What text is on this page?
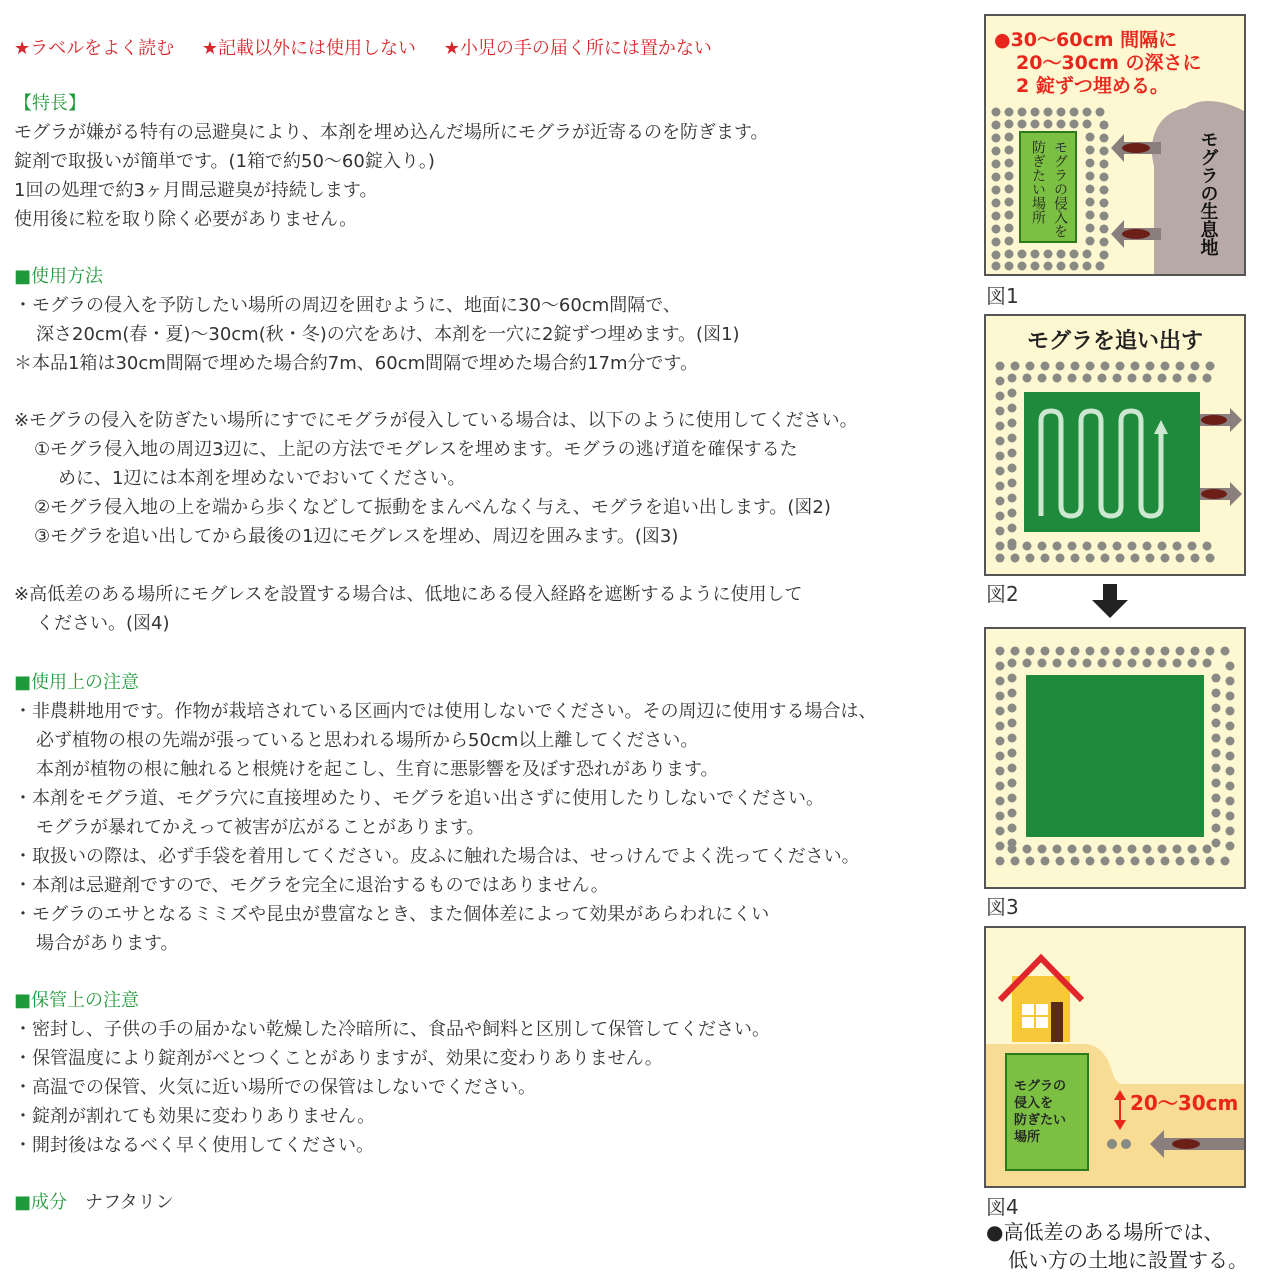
★ラベルをよく読む ★記載以外には使用しない ★小児の手の届く所には置かない
【特長】
モグラが嫌がる特有の忌避臭により、本剤を埋め込んだ場所にモグラが近寄るのを防ぎます。
錠剤で取扱いが簡単です。(1箱で約50～60錠入り。)
1回の処理で約3ヶ月間忌避臭が持続します。
使用後に粒を取り除く必要がありません。
■使用方法
・モグラの侵入を予防したい場所の周辺を囲むように、地面に30～60cm間隔で、
深さ20cm(春・夏)～30cm(秋・冬)の穴をあけ、本剤を一穴に2錠ずつ埋めます。(図1)
＊本品1箱は30cm間隔で埋めた場合約7m、60cm間隔で埋めた場合約17m分です。
※モグラの侵入を防ぎたい場所にすでにモグラが侵入している場合は、以下のように使用してください。
①モグラ侵入地の周辺3辺に、上記の方法でモグレスを埋めます。モグラの逃げ道を確保するた
めに、1辺には本剤を埋めないでおいてください。
②モグラ侵入地の上を端から歩くなどして振動をまんべんなく与え、モグラを追い出します。(図2)
③モグラを追い出してから最後の1辺にモグレスを埋め、周辺を囲みます。(図3)
※高低差のある場所にモグレスを設置する場合は、低地にある侵入経路を遮断するように使用して
ください。(図4)
■使用上の注意
・非農耕地用です。作物が栽培されている区画内では使用しないでください。その周辺に使用する場合は、
必ず植物の根の先端が張っていると思われる場所から50cm以上離してください。
本剤が植物の根に触れると根焼けを起こし、生育に悪影響を及ぼす恐れがあります。
・本剤をモグラ道、モグラ穴に直接埋めたり、モグラを追い出さずに使用したりしないでください。
モグラが暴れてかえって被害が広がることがあります。
・取扱いの際は、必ず手袋を着用してください。皮ふに触れた場合は、せっけんでよく洗ってください。
・本剤は忌避剤ですので、モグラを完全に退治するものではありません。
・モグラのエサとなるミミズや昆虫が豊富なとき、また個体差によって効果があらわれにくい
場合があります。
■保管上の注意
・密封し、子供の手の届かない乾燥した冷暗所に、食品や飼料と区別して保管してください。
・保管温度により錠剤がべとつくことがありますが、効果に変わりありません。
・高温での保管、火気に近い場所での保管はしないでください。
・錠剤が割れても効果に変わりありません。
・開封後はなるべく早く使用してください。
■成分 ナフタリン
モグラの侵入を
防ぎたい場所	モグラの生息地
●30～60cm 間隔に
20～30cm の深さに
2 錠ずつ埋める。
図1
モグラを追い出す
図2
図3
モグラの
侵入を
防ぎたい
場所
20～30cm
図4
●高低差のある場所では、
低い方の土地に設置する。
